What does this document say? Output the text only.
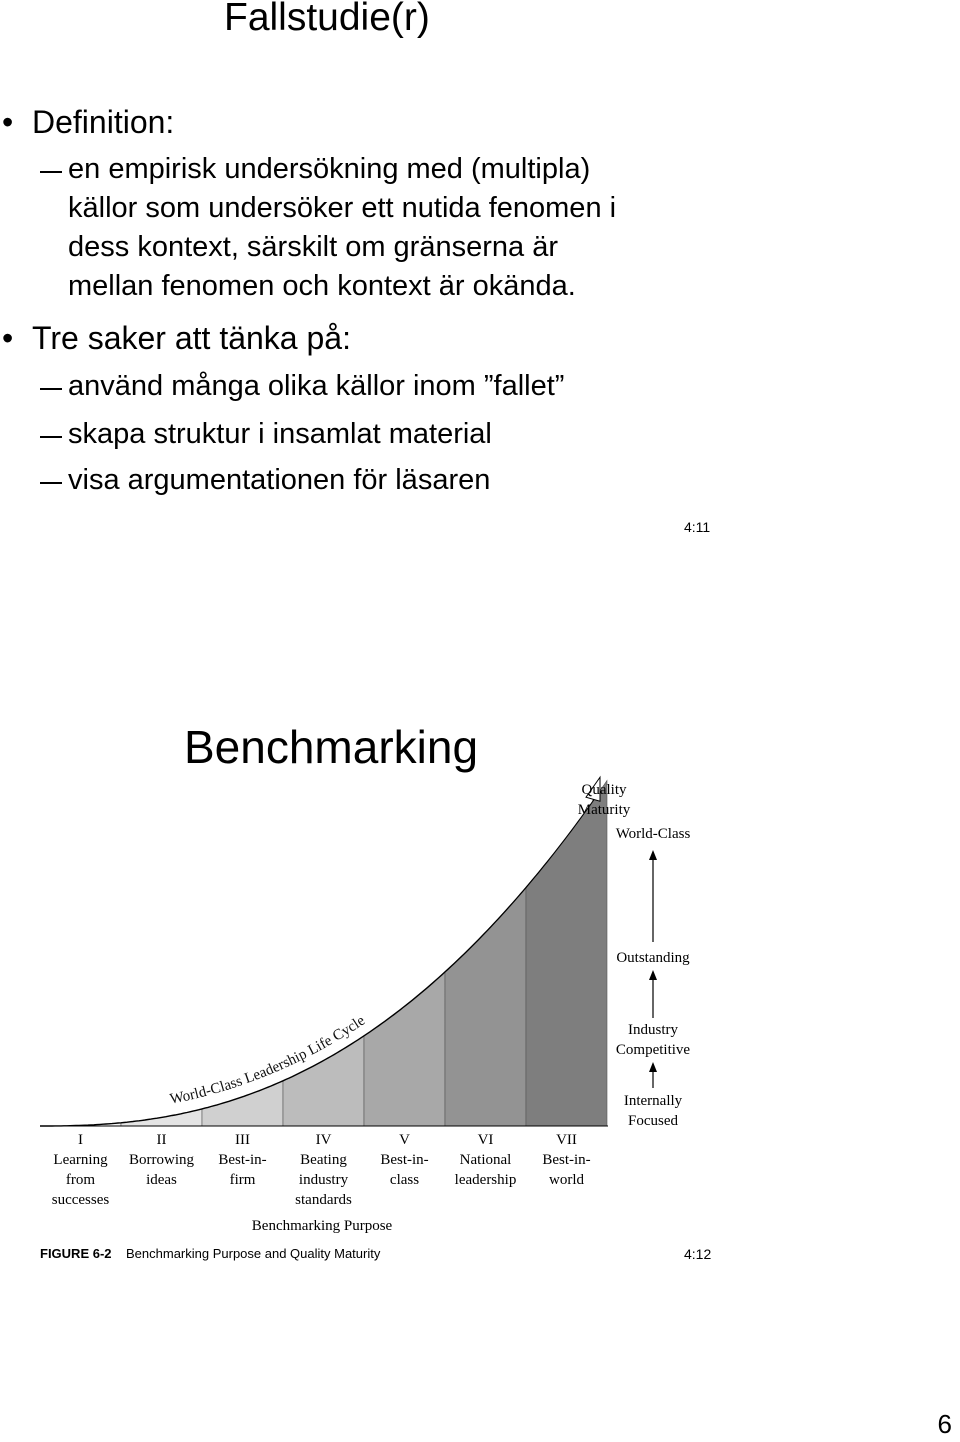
Fallstudie(r)
• Definition:
en empirisk undersökning med (multipla)
källor som undersöker ett nutida fenomen i
dess kontext, särskilt om gränserna är
mellan fenomen och kontext är okända.
• Tre saker att tänka på:
använd många olika källor inom ”fallet”
skapa struktur i insamlat material
visa argumentationen för läsaren
4:11
Benchmarking
World-Class Leadership Life Cycle
I
Learning
from
successes
II
Borrowing
ideas
III
Best-in-
firm
IV
Beating
industry
standards
V
Best-in-
class
VI
National
leadership
VII
Best-in-
world
World-Class
Outstanding
Industry
Competitive
Internally
Focused
Quality
Maturity
Benchmarking Purpose
FIGURE 6-2 Benchmarking Purpose and Quality Maturity	4:12
6
